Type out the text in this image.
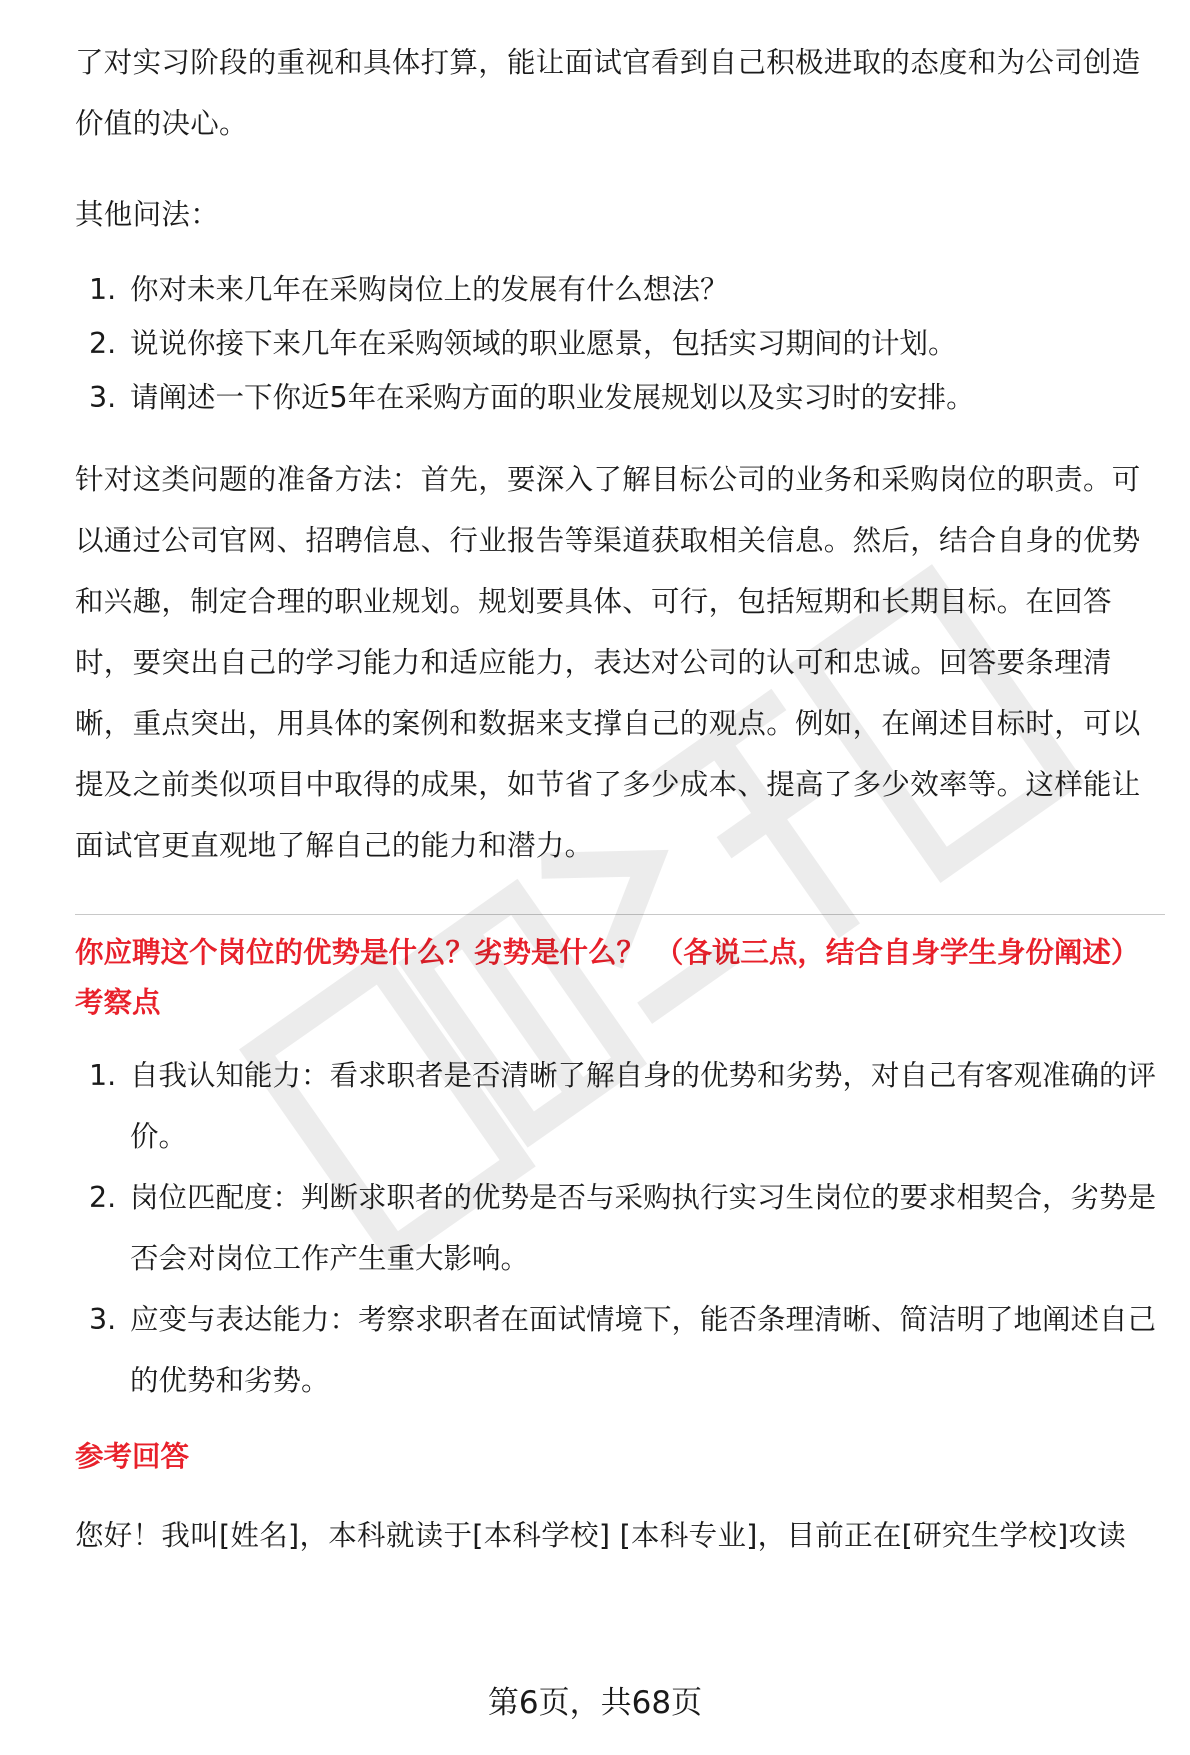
了对实习阶段的重视和具体打算，能让面试官看到自己积极进取的态度和为公司创造价值的决心。

其他问法：

1. 你对未来几年在采购岗位上的发展有什么想法？
2. 说说你接下来几年在采购领域的职业愿景，包括实习期间的计划。
3. 请阐述一下你近5年在采购方面的职业发展规划以及实习时的安排。

针对这类问题的准备方法：首先，要深入了解目标公司的业务和采购岗位的职责。可以通过公司官网、招聘信息、行业报告等渠道获取相关信息。然后，结合自身的优势和兴趣，制定合理的职业规划。规划要具体、可行，包括短期和长期目标。在回答时，要突出自己的学习能力和适应能力，表达对公司的认可和忠诚。回答要条理清晰，重点突出，用具体的案例和数据来支撑自己的观点。例如，在阐述目标时，可以提及之前类似项目中取得的成果，如节省了多少成本、提高了多少效率等。这样能让面试官更直观地了解自己的能力和潜力。

你应聘这个岗位的优势是什么？劣势是什么？ （各说三点，结合自身学生身份阐述）

考察点

1. 自我认知能力：看求职者是否清晰了解自身的优势和劣势，对自己有客观准确的评价。
2. 岗位匹配度：判断求职者的优势是否与采购执行实习生岗位的要求相契合，劣势是否会对岗位工作产生重大影响。
3. 应变与表达能力：考察求职者在面试情境下，能否条理清晰、简洁明了地阐述自己的优势和劣势。

参考回答

您好！我叫[姓名]，本科就读于[本科学校] [本科专业]，目前正在[研究生学校]攻读

第6页，共68页
